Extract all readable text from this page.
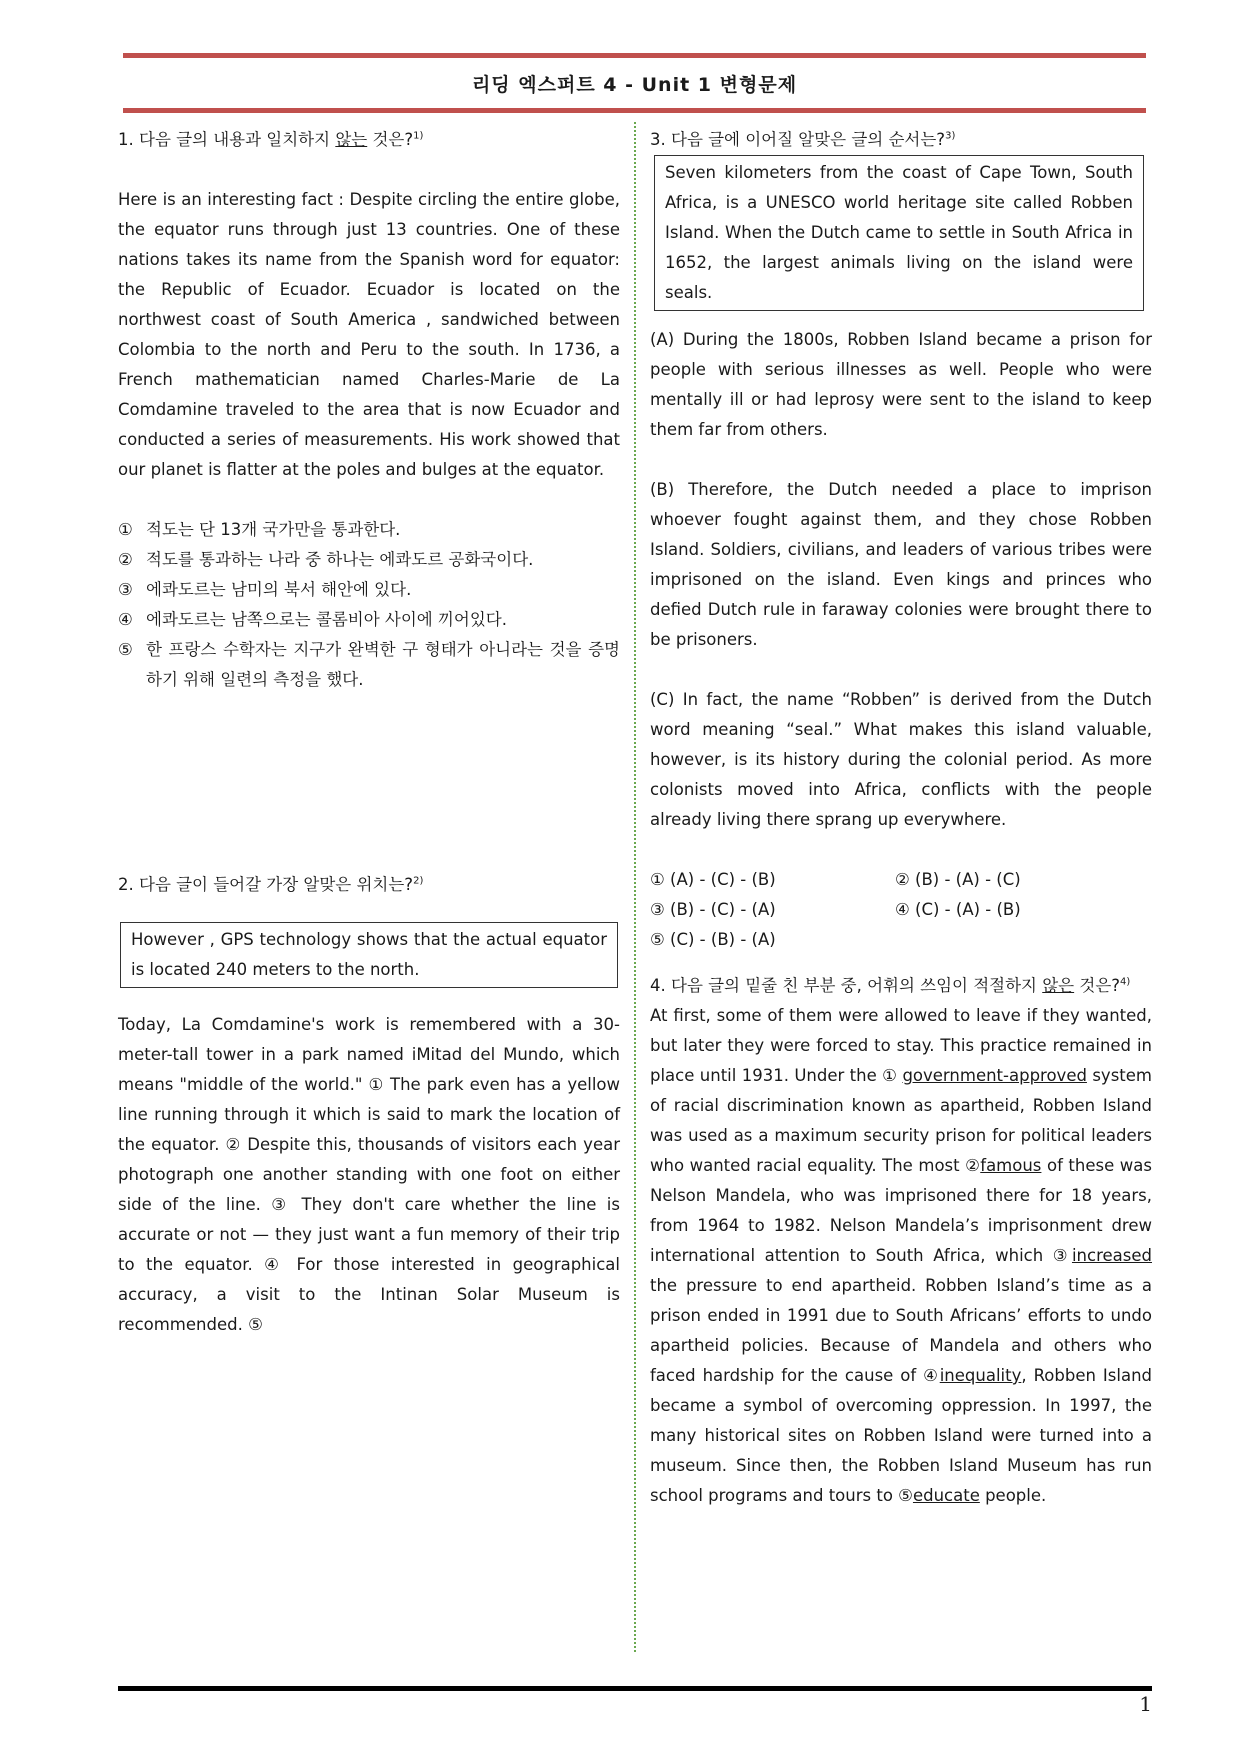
리딩 엑스퍼트 4 - Unit 1 변형문제

1. 다음 글의 내용과 일치하지 않는 것은?$^{1)}$

Here is an interesting fact : Despite circling the entire globe, the equator runs through just 13 countries. One of these nations takes its name from the Spanish word for equator: the Republic of Ecuador. Ecuador is located on the northwest coast of South America , sandwiched between Colombia to the north and Peru to the south. In 1736, a French mathematician named Charles-Marie de La Comdamine traveled to the area that is now Ecuador and conducted a series of measurements. His work showed that our planet is flatter at the poles and bulges at the equator.

① 적도는 단 13개 국가만을 통과한다.
② 적도를 통과하는 나라 중 하나는 에콰도르 공화국이다.
③ 에콰도르는 남미의 북서 해안에 있다.
④ 에콰도르는 남쪽으로는 콜롬비아 사이에 끼어있다.
⑤ 한 프랑스 수학자는 지구가 완벽한 구 형태가 아니라는 것을 증명하기 위해 일련의 측정을 했다.

2. 다음 글이 들어갈 가장 알맞은 위치는?$^{2)}$

However , GPS technology shows that the actual equator is located 240 meters to the north.

Today, La Comdamine's work is remembered with a 30-meter-tall tower in a park named iMitad del Mundo, which means "middle of the world." ① The park even has a yellow line running through it which is said to mark the location of the equator. ② Despite this, thousands of visitors each year photograph one another standing with one foot on either side of the line. ③ They don't care whether the line is accurate or not — they just want a fun memory of their trip to the equator. ④ For those interested in geographical accuracy, a visit to the Intinan Solar Museum is recommended. ⑤

3. 다음 글에 이어질 알맞은 글의 순서는?$^{3)}$

Seven kilometers from the coast of Cape Town, South Africa, is a UNESCO world heritage site called Robben Island. When the Dutch came to settle in South Africa in 1652, the largest animals living on the island were seals.

(A) During the 1800s, Robben Island became a prison for people with serious illnesses as well. People who were mentally ill or had leprosy were sent to the island to keep them far from others.

(B) Therefore, the Dutch needed a place to imprison whoever fought against them, and they chose Robben Island. Soldiers, civilians, and leaders of various tribes were imprisoned on the island. Even kings and princes who defied Dutch rule in faraway colonies were brought there to be prisoners.

(C) In fact, the name “Robben” is derived from the Dutch word meaning “seal.” What makes this island valuable, however, is its history during the colonial period. As more colonists moved into Africa, conflicts with the people already living there sprang up everywhere.

① (A) - (C) - (B)	② (B) - (A) - (C)
③ (B) - (C) - (A)	④ (C) - (A) - (B)
⑤ (C) - (B) - (A)

4. 다음 글의 밑줄 친 부분 중, 어휘의 쓰임이 적절하지 않은 것은?$^{4)}$

At first, some of them were allowed to leave if they wanted, but later they were forced to stay. This practice remained in place until 1931. Under the ① government-approved system of racial discrimination known as apartheid, Robben Island was used as a maximum security prison for political leaders who wanted racial equality. The most ②famous of these was Nelson Mandela, who was imprisoned there for 18 years, from 1964 to 1982. Nelson Mandela’s imprisonment drew international attention to South Africa, which ③increased the pressure to end apartheid. Robben Island’s time as a prison ended in 1991 due to South Africans’ efforts to undo apartheid policies. Because of Mandela and others who faced hardship for the cause of ④inequality, Robben Island became a symbol of overcoming oppression. In 1997, the many historical sites on Robben Island were turned into a museum. Since then, the Robben Island Museum has run school programs and tours to ⑤educate people.

1
